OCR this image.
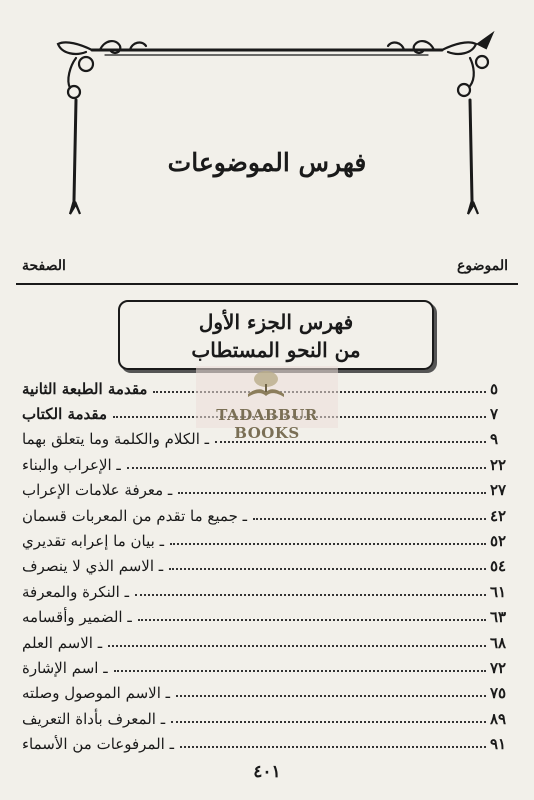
فهرس الموضوعات
الموضوع
الصفحة
فهرس الجزء الأول
من النحو المستطاب
مقدمة الطبعة الثانية	٥
مقدمة الكتاب	٧
ـ الكلام والكلمة وما يتعلق بهما	٩
ـ الإعراب والبناء	٢٢
ـ معرفة علامات الإعراب	٢٧
ـ جميع ما تقدم من المعربات قسمان	٤٢
ـ بيان ما إعرابه تقديري	٥٢
ـ الاسم الذي لا ينصرف	٥٤
ـ النكرة والمعرفة	٦١
ـ الضمير وأقسامه	٦٣
ـ الاسم العلم	٦٨
ـ اسم الإشارة	٧٢
ـ الاسم الموصول وصلته	٧٥
ـ المعرف بأداة التعريف	٨٩
ـ المرفوعات من الأسماء	٩١
TADABBUR BOOKS
٤٠١
